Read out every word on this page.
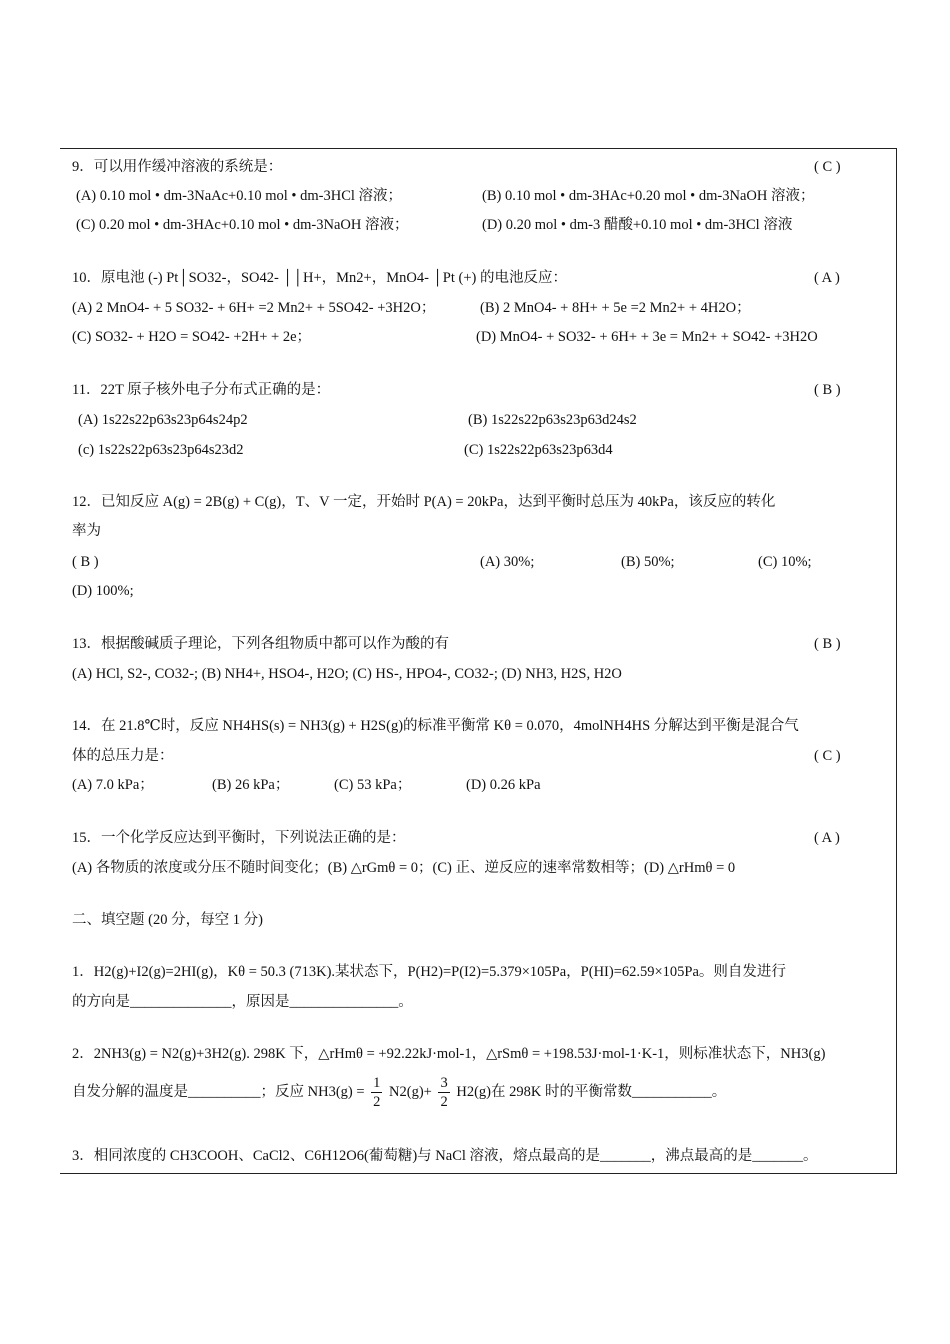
9．可以用作缓冲溶液的系统是：	( C )
(A) 0.10 mol • dm-3NaAc+0.10 mol • dm-3HCl 溶液；	(B) 0.10 mol • dm-3HAc+0.20 mol • dm-3NaOH 溶液；
(C) 0.20 mol • dm-3HAc+0.10 mol • dm-3NaOH 溶液；	(D) 0.20 mol • dm-3 醋酸+0.10 mol • dm-3HCl 溶液
10．原电池 (-) Pt│SO32-，SO42- ││H+，Mn2+，MnO4- │Pt (+) 的电池反应：	( A )
(A) 2 MnO4- + 5 SO32- + 6H+ =2 Mn2+ + 5SO42- +3H2O；	(B) 2 MnO4- + 8H+ + 5e =2 Mn2+ + 4H2O；
(C) SO32- + H2O = SO42- +2H+ + 2e；	(D) MnO4- + SO32- + 6H+ + 3e = Mn2+ + SO42- +3H2O
11．22T 原子核外电子分布式正确的是：	( B )
(A) 1s22s22p63s23p64s24p2	(B) 1s22s22p63s23p63d24s2
(c) 1s22s22p63s23p64s23d2	(C) 1s22s22p63s23p63d4
12．已知反应 A(g) = 2B(g) + C(g)，T、V 一定，开始时 P(A) = 20kPa，达到平衡时总压为 40kPa，该反应的转化
率为
( B )	(A) 30%;	(B) 50%;	(C) 10%;
(D) 100%;
13．根据酸碱质子理论，下列各组物质中都可以作为酸的有	( B )
(A) HCl, S2-, CO32-; (B) NH4+, HSO4-, H2O; (C) HS-, HPO4-, CO32-; (D) NH3, H2S, H2O
14．在 21.8℃时，反应 NH4HS(s) = NH3(g) + H2S(g)的标准平衡常 Kθ = 0.070，4molNH4HS 分解达到平衡是混合气
体的总压力是：	( C )
(A) 7.0 kPa；	(B) 26 kPa；	(C) 53 kPa；	(D) 0.26 kPa
15．一个化学反应达到平衡时，下列说法正确的是：	( A )
(A) 各物质的浓度或分压不随时间变化；(B) △rGmθ = 0；(C) 正、逆反应的速率常数相等；(D) △rHmθ = 0
二、填空题 (20 分，每空 1 分)
1．H2(g)+I2(g)=2HI(g)，Kθ = 50.3 (713K).某状态下，P(H2)=P(I2)=5.379×105Pa，P(HI)=62.59×105Pa。则自发进行
的方向是______________，原因是_______________。
2．2NH3(g) = N2(g)+3H2(g). 298K 下，△rHmθ = +92.22kJ·mol-1，△rSmθ = +198.53J·mol-1·K-1，则标准状态下，NH3(g)
自发分解的温度是__________；反应 $NH3(g) = \frac{1}{2} N2(g)+ \frac{3}{2} H2(g)$在 298K 时的平衡常数___________。
3．相同浓度的 CH3COOH、CaCl2、C6H12O6(葡萄糖)与 NaCl 溶液，熔点最高的是_______，沸点最高的是_______。
